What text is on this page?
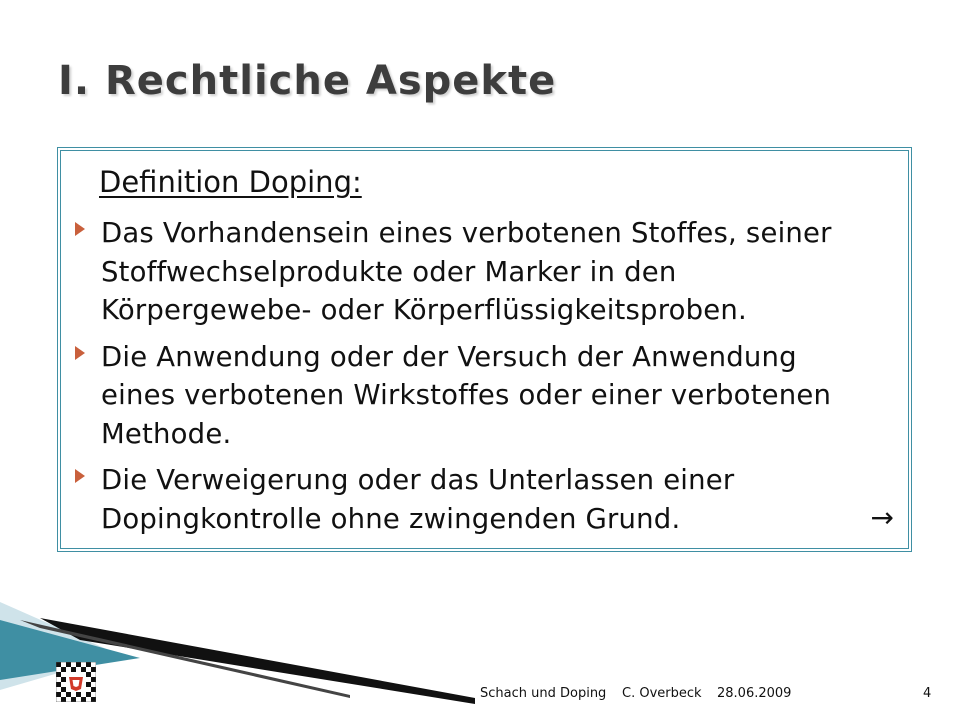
I. Rechtliche Aspekte
Definition Doping:
Das Vorhandensein eines verbotenen Stoffes, seiner Stoffwechselprodukte oder Marker in den Körpergewebe- oder Körperflüssigkeitsproben.
Die Anwendung oder der Versuch der Anwendung eines verbotenen Wirkstoffes oder einer verbotenen Methode.
Die Verweigerung oder das Unterlassen einer Dopingkontrolle ohne zwingenden Grund.	→
Schach und Doping C. Overbeck 28.06.2009	4
